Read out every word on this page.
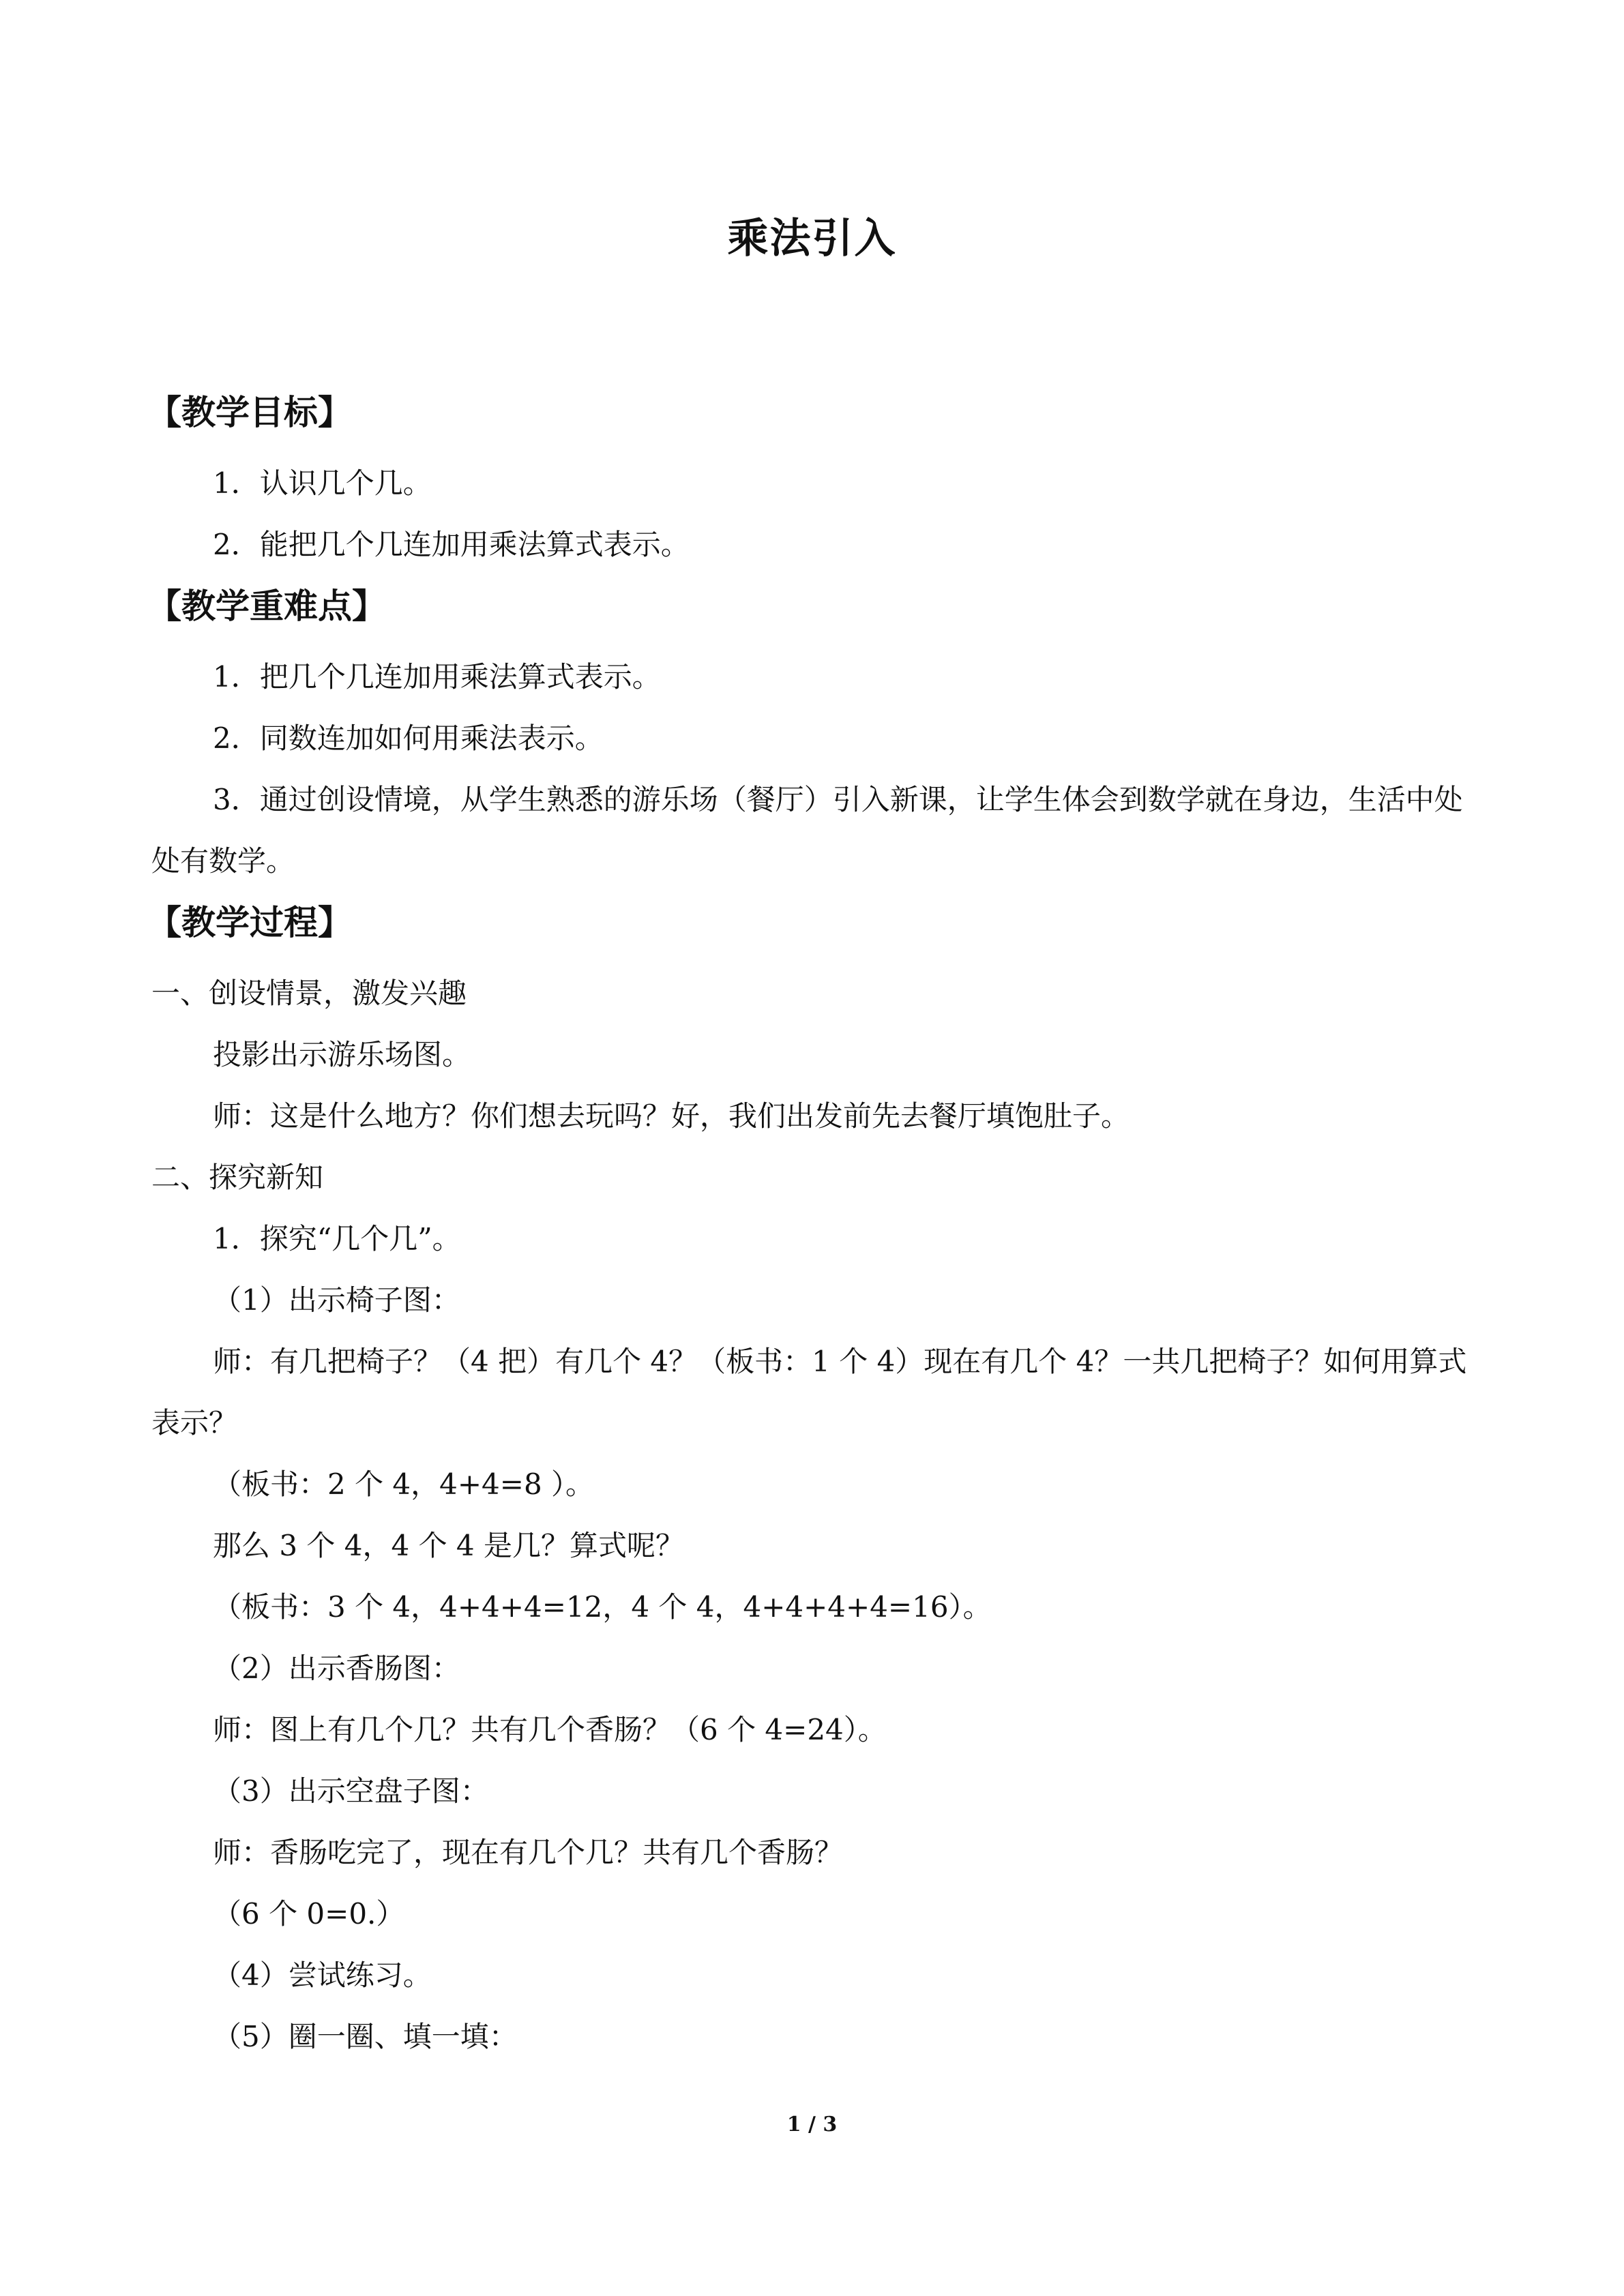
乘法引入
【教学目标】
1．认识几个几。
2．能把几个几连加用乘法算式表示。
【教学重难点】
1．把几个几连加用乘法算式表示。
2．同数连加如何用乘法表示。
3．通过创设情境，从学生熟悉的游乐场（餐厅）引入新课，让学生体会到数学就在身边，生活中处处有数学。
【教学过程】
一、创设情景，激发兴趣
投影出示游乐场图。
师：这是什么地方？你们想去玩吗？好，我们出发前先去餐厅填饱肚子。
二、探究新知
1．探究“几个几”。
（1）出示椅子图：
师：有几把椅子？（4 把）有几个 4？（板书：1 个 4）现在有几个 4？一共几把椅子？如何用算式表示？
（板书：2 个 4，4+4=8 ）。
那么 3 个 4，4 个 4 是几？算式呢？
（板书：3 个 4，4+4+4=12，4 个 4，4+4+4+4=16）。
（2）出示香肠图：
师：图上有几个几？共有几个香肠？（6 个 4=24）。
（3）出示空盘子图：
师：香肠吃完了，现在有几个几？共有几个香肠？
（6 个 0=0.）
（4）尝试练习。
（5）圈一圈、填一填：
1 / 3
